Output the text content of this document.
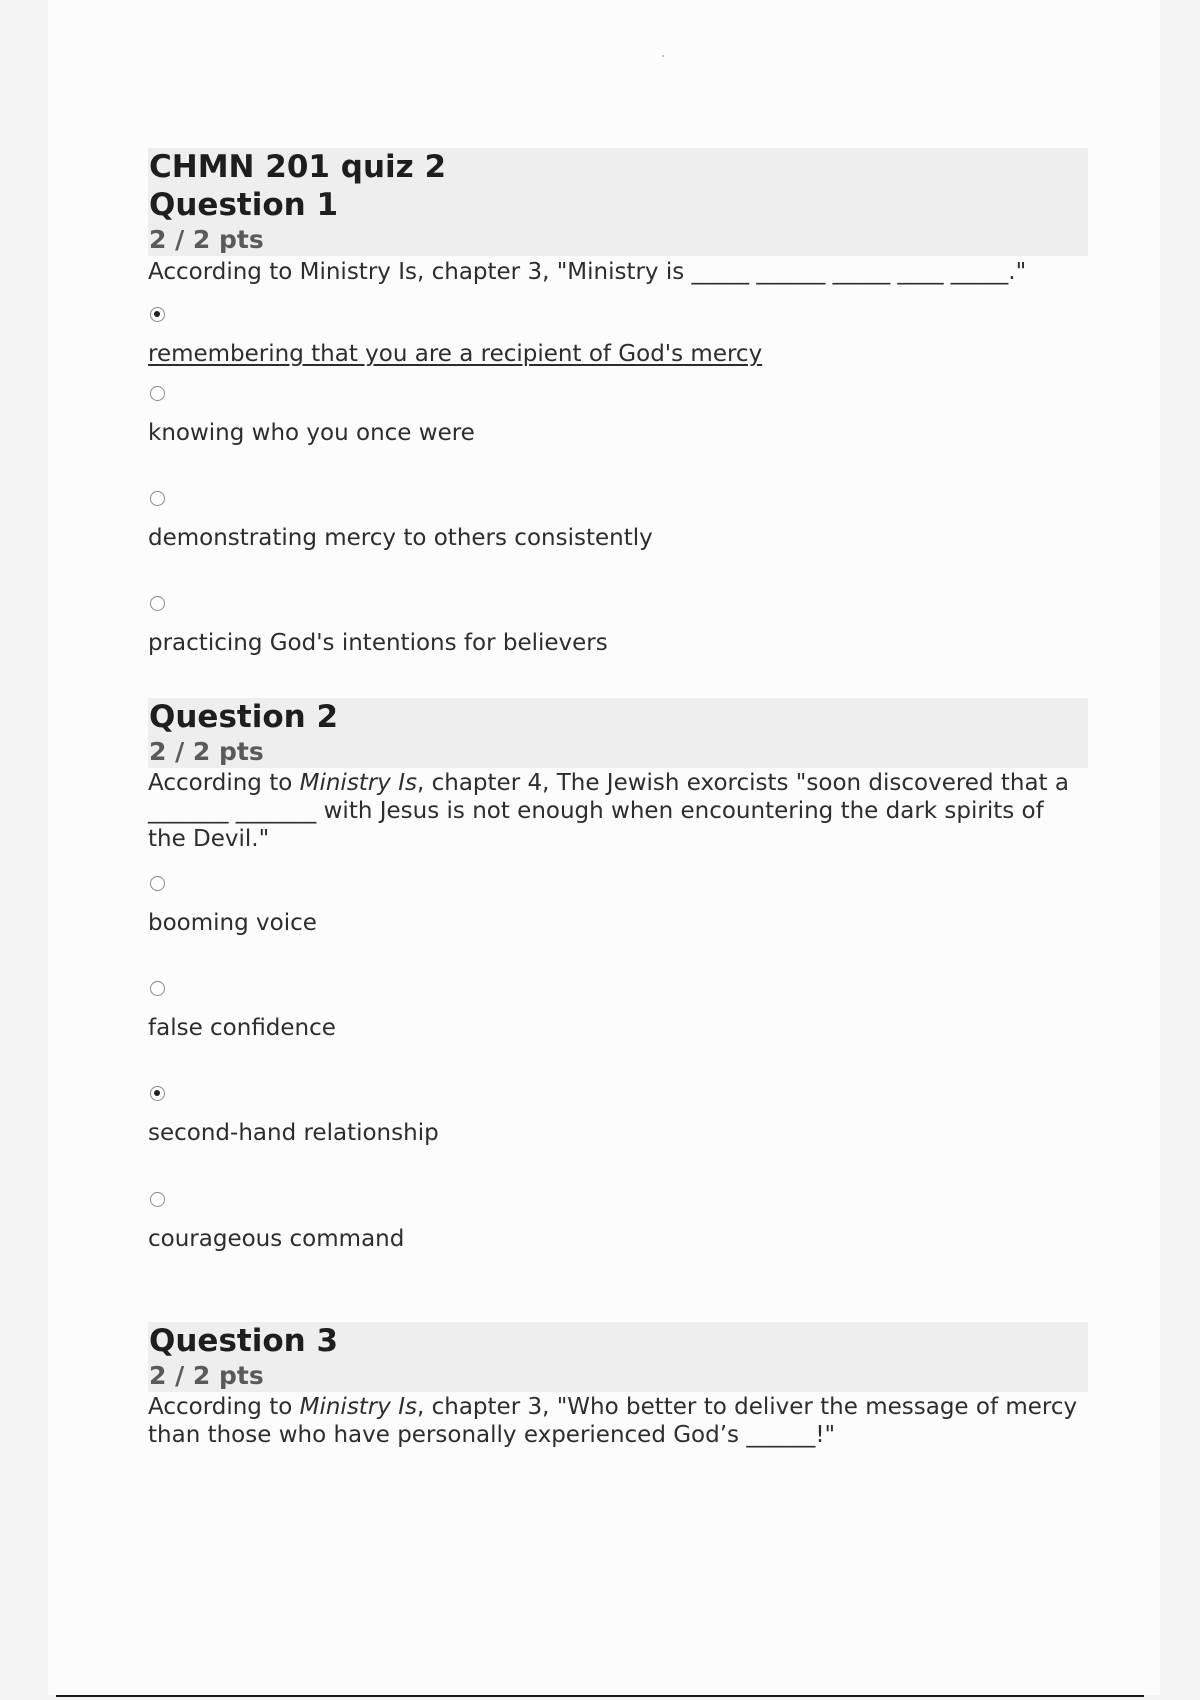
CHMN 201 quiz 2
Question 1
2 / 2 pts
According to Ministry Is, chapter 3, "Ministry is _____ ______ _____ ____ _____."
remembering that you are a recipient of God's mercy
knowing who you once were
demonstrating mercy to others consistently
practicing God's intentions for believers
Question 2
2 / 2 pts
According to Ministry Is, chapter 4, The Jewish exorcists "soon discovered that a _______ _______ with Jesus is not enough when encountering the dark spirits of the Devil."
booming voice
false confidence
second-hand relationship
courageous command
Question 3
2 / 2 pts
According to Ministry Is, chapter 3, "Who better to deliver the message of mercy than those who have personally experienced God’s ______!"
